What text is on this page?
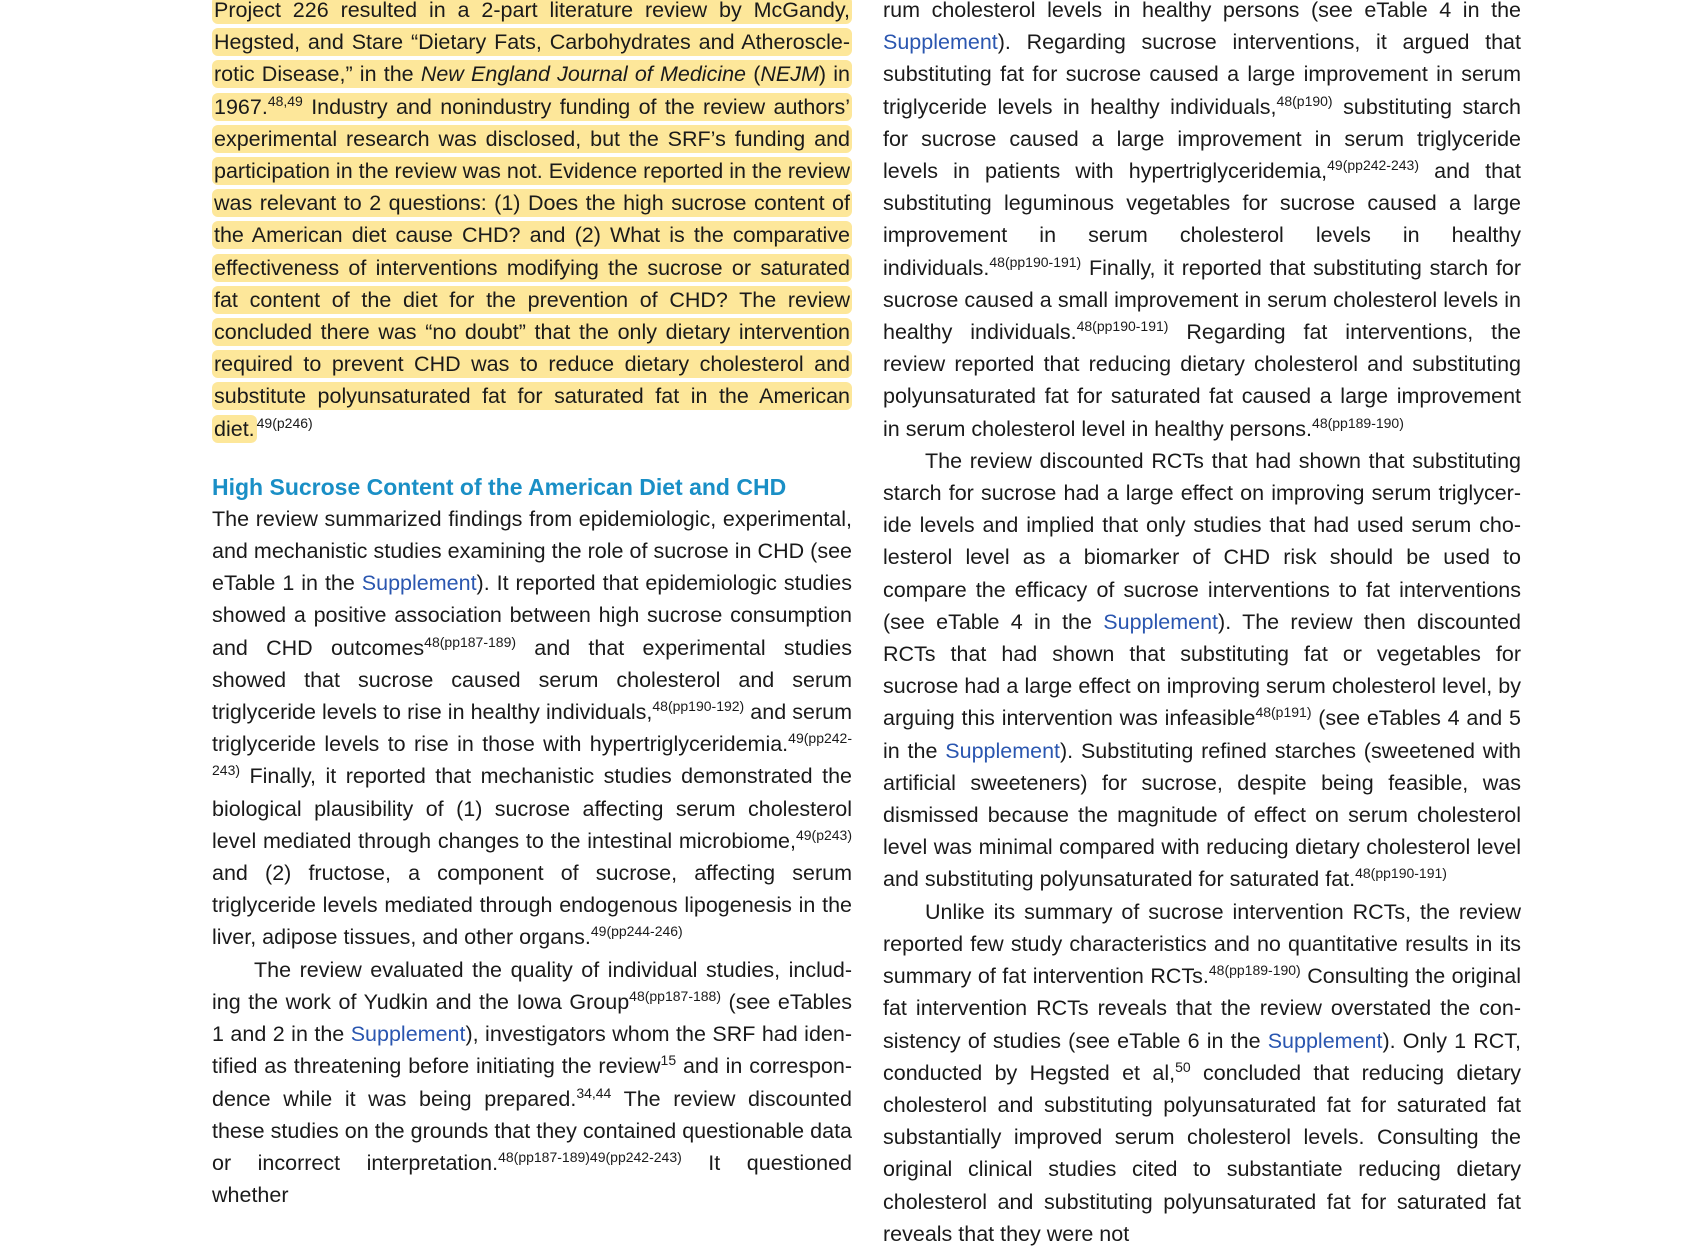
Project 226 resulted in a 2-part literature review by McGandy, Hegsted, and Stare “Dietary Fats, Carbohydrates and Atherosclerotic Disease,” in the New England Journal of Medicine (NEJM) in 1967.$^{48,49}$ Industry and nonindustry funding of the review authors’ experimental research was disclosed, but the SRF’s funding and participation in the review was not. Evidence reported in the review was relevant to 2 questions: (1) Does the high sucrose content of the American diet cause CHD? and (2) What is the comparative effectiveness of interventions modifying the sucrose or saturated fat content of the diet for the prevention of CHD? The review concluded there was “no doubt” that the only dietary intervention required to prevent CHD was to reduce dietary cholesterol and substitute polyunsaturated fat for saturated fat in the American diet. $^{49(p246)}$

High Sucrose Content of the American Diet and CHD

The review summarized findings from epidemiologic, experimental, and mechanistic studies examining the role of sucrose in CHD (see eTable 1 in the Supplement). It reported that epidemiologic studies showed a positive association between high sucrose consumption and CHD outcomes$^{48(pp187-189)}$ and that experimental studies showed that sucrose caused serum cholesterol and serum triglyceride levels to rise in healthy individuals,$^{48(pp190-192)}$ and serum triglyceride levels to rise in those with hypertriglyceridemia.$^{49(pp242-243)}$ Finally, it reported that mechanistic studies demonstrated the biological plausibility of (1) sucrose affecting serum cholesterol level mediated through changes to the intestinal microbiome,$^{49(p243)}$ and (2) fructose, a component of sucrose, affecting serum triglyceride levels mediated through endogenous lipogenesis in the liver, adipose tissues, and other organs.$^{49(pp244-246)}$

The review evaluated the quality of individual studies, including the work of Yudkin and the Iowa Group$^{48(pp187-188)}$ (see eTables 1 and 2 in the Supplement), investigators whom the SRF had identified as threatening before initiating the review$^{15}$ and in correspondence while it was being prepared.$^{34,44}$ The review discounted these studies on the grounds that they contained questionable data or incorrect interpretation.$^{48(pp187-189)49(pp242-243)}$ It questioned whether

rum cholesterol levels in healthy persons (see eTable 4 in the Supplement). Regarding sucrose interventions, it argued that substituting fat for sucrose caused a large improvement in serum triglyceride levels in healthy individuals,$^{48(p190)}$ substituting starch for sucrose caused a large improvement in serum triglyceride levels in patients with hypertriglyceridemia,$^{49(pp242-243)}$ and that substituting leguminous vegetables for sucrose caused a large improvement in serum cholesterol levels in healthy individuals.$^{48(pp190-191)}$ Finally, it reported that substituting starch for sucrose caused a small improvement in serum cholesterol levels in healthy individuals.$^{48(pp190-191)}$ Regarding fat interventions, the review reported that reducing dietary cholesterol and substituting polyunsaturated fat for saturated fat caused a large improvement in serum cholesterol level in healthy persons.$^{48(pp189-190)}$

The review discounted RCTs that had shown that substituting starch for sucrose had a large effect on improving serum triglyceride levels and implied that only studies that had used serum cholesterol level as a biomarker of CHD risk should be used to compare the efficacy of sucrose interventions to fat interventions (see eTable 4 in the Supplement). The review then discounted RCTs that had shown that substituting fat or vegetables for sucrose had a large effect on improving serum cholesterol level, by arguing this intervention was infeasible$^{48(p191)}$ (see eTables 4 and 5 in the Supplement). Substituting refined starches (sweetened with artificial sweeteners) for sucrose, despite being feasible, was dismissed because the magnitude of effect on serum cholesterol level was minimal compared with reducing dietary cholesterol level and substituting polyunsaturated for saturated fat.$^{48(pp190-191)}$

Unlike its summary of sucrose intervention RCTs, the review reported few study characteristics and no quantitative results in its summary of fat intervention RCTs.$^{48(pp189-190)}$ Consulting the original fat intervention RCTs reveals that the review overstated the consistency of studies (see eTable 6 in the Supplement). Only 1 RCT, conducted by Hegsted et al,$^{50}$ concluded that reducing dietary cholesterol and substituting polyunsaturated fat for saturated fat substantially improved serum cholesterol levels. Consulting the original clinical studies cited to substantiate reducing dietary cholesterol and substituting polyunsaturated fat for saturated fat reveals that they were not
